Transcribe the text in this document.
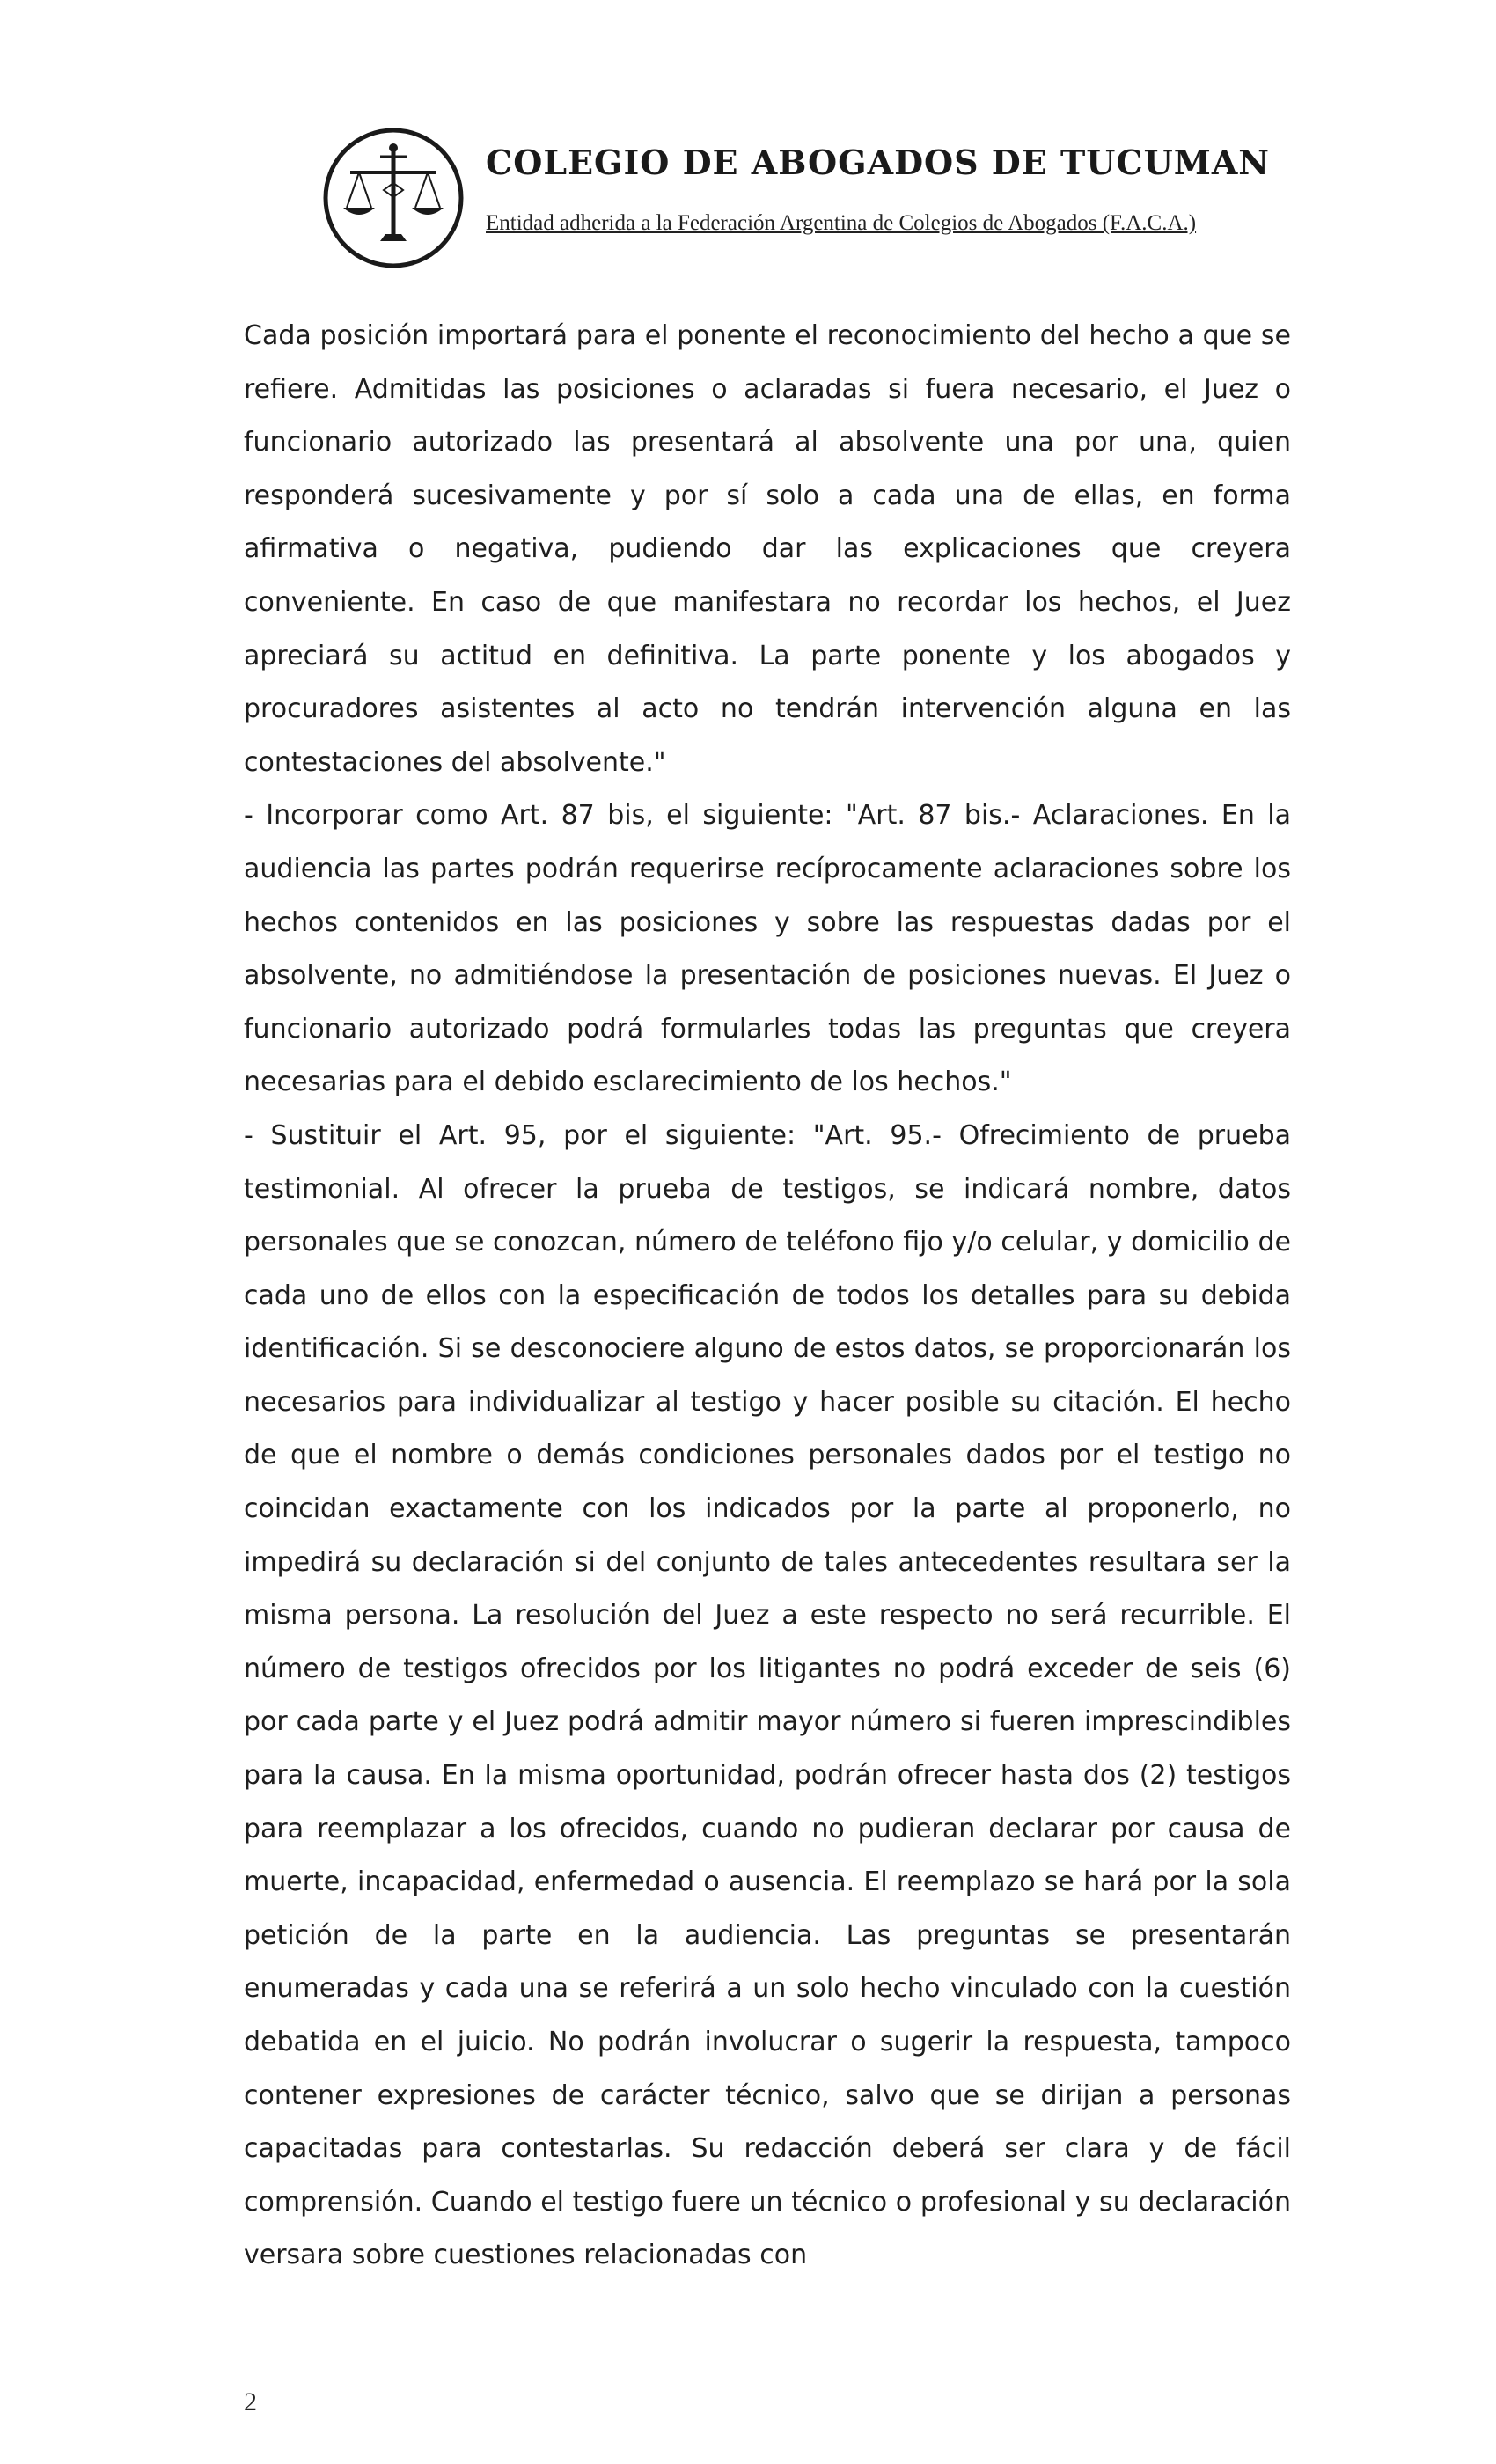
COLEGIO DE ABOGADOS DE TUCUMAN
Entidad adherida a la Federación Argentina de Colegios de Abogados (F.A.C.A.)

Cada posición importará para el ponente el reconocimiento del hecho a que se refiere. Admitidas las posiciones o aclaradas si fuera necesario, el Juez o funcionario autorizado las presentará al absolvente una por una, quien responderá sucesivamente y por sí solo a cada una de ellas, en forma afirmativa o negativa, pudiendo dar las explicaciones que creyera conveniente. En caso de que manifestara no recordar los hechos, el Juez apreciará su actitud en definitiva. La parte ponente y los abogados y procuradores asistentes al acto no tendrán intervención alguna en las contestaciones del absolvente."

- Incorporar como Art. 87 bis, el siguiente: "Art. 87 bis.- Aclaraciones. En la audiencia las partes podrán requerirse recíprocamente aclaraciones sobre los hechos contenidos en las posiciones y sobre las respuestas dadas por el absolvente, no admitiéndose la presentación de posiciones nuevas. El Juez o funcionario autorizado podrá formularles todas las preguntas que creyera necesarias para el debido esclarecimiento de los hechos."

- Sustituir el Art. 95, por el siguiente: "Art. 95.- Ofrecimiento de prueba testimonial. Al ofrecer la prueba de testigos, se indicará nombre, datos personales que se conozcan, número de teléfono fijo y/o celular, y domicilio de cada uno de ellos con la especificación de todos los detalles para su debida identificación. Si se desconociere alguno de estos datos, se proporcionarán los necesarios para individualizar al testigo y hacer posible su citación. El hecho de que el nombre o demás condiciones personales dados por el testigo no coincidan exactamente con los indicados por la parte al proponerlo, no impedirá su declaración si del conjunto de tales antecedentes resultara ser la misma persona. La resolución del Juez a este respecto no será recurrible. El número de testigos ofrecidos por los litigantes no podrá exceder de seis (6) por cada parte y el Juez podrá admitir mayor número si fueren imprescindibles para la causa. En la misma oportunidad, podrán ofrecer hasta dos (2) testigos para reemplazar a los ofrecidos, cuando no pudieran declarar por causa de muerte, incapacidad, enfermedad o ausencia. El reemplazo se hará por la sola petición de la parte en la audiencia. Las preguntas se presentarán enumeradas y cada una se referirá a un solo hecho vinculado con la cuestión debatida en el juicio. No podrán involucrar o sugerir la respuesta, tampoco contener expresiones de carácter técnico, salvo que se dirijan a personas capacitadas para contestarlas. Su redacción deberá ser clara y de fácil comprensión. Cuando el testigo fuere un técnico o profesional y su declaración versara sobre cuestiones relacionadas con

2
